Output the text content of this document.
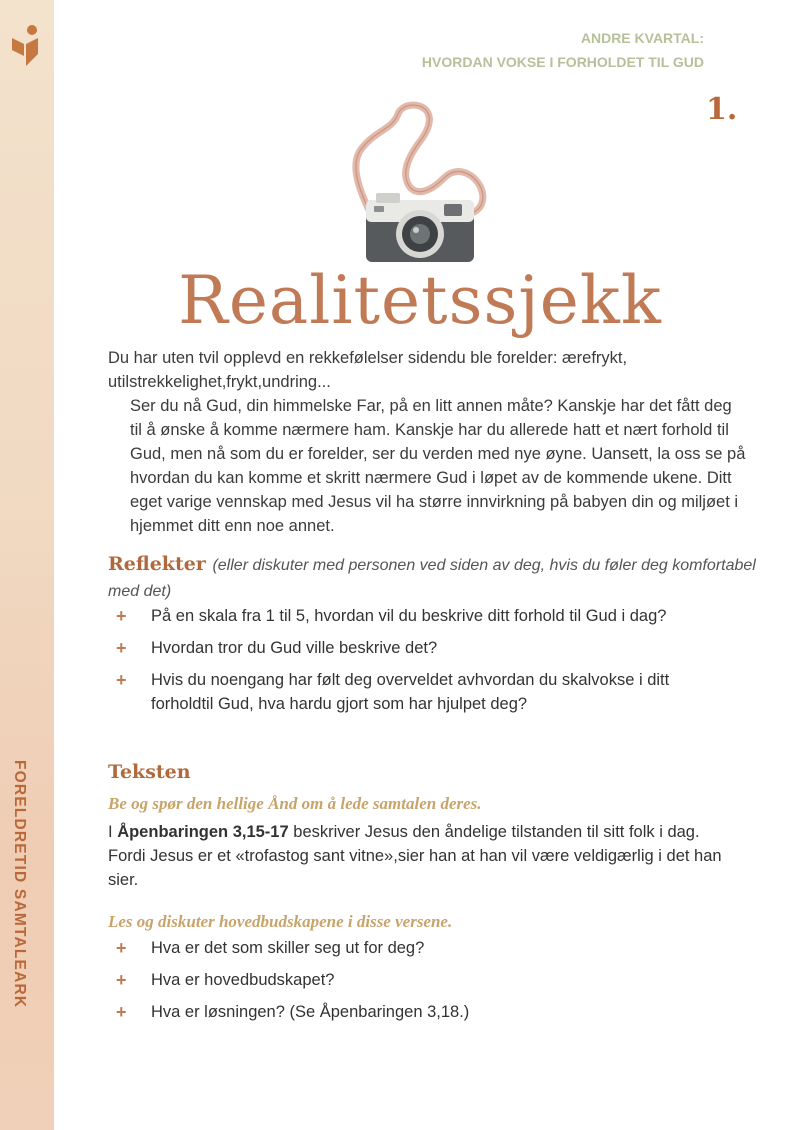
FORELDRETID SAMTALEARK
ANDRE KVARTAL:
HVORDAN VOKSE I FORHOLDET TIL GUD
1.
Realitetssjekk

Du har uten tvil opplevd en rekkefølelser sidendu ble forelder: ærefrykt,

utilstrekkelighet,frykt,undring...

Ser du nå Gud, din himmelske Far, på en litt annen måte? Kanskje har det fått deg til å ønske å komme nærmere ham. Kanskje har du allerede hatt et nært forhold til Gud, men nå som du er forelder, ser du verden med nye øyne. Uansett, la oss se på hvordan du kan komme et skritt nærmere Gud i løpet av de kommende ukene. Ditt eget varige vennskap med Jesus vil ha større innvirkning på babyen din og miljøet i hjemmet ditt enn noe annet.

Reflekter (eller diskuter med personen ved siden av deg, hvis du føler deg komfortabel med det)
+ På en skala fra 1 til 5, hvordan vil du beskrive ditt forhold til Gud i dag?
+ Hvordan tror du Gud ville beskrive det?
+ Hvis du noengang har følt deg overveldet avhvordan du skalvokse i ditt forholdtil Gud, hva hardu gjort som har hjulpet deg?
Teksten
Be og spør den hellige Ånd om å lede samtalen deres.

I Åpenbaringen 3,15-17 beskriver Jesus den åndelige tilstanden til sitt folk i dag. Fordi Jesus er et «trofastog sant vitne»,sier han at han vil være veldigærlig i det han sier.

Les og diskuter hovedbudskapene i disse versene.
+ Hva er det som skiller seg ut for deg?
+ Hva er hovedbudskapet?
+ Hva er løsningen? (Se Åpenbaringen 3,18.)
